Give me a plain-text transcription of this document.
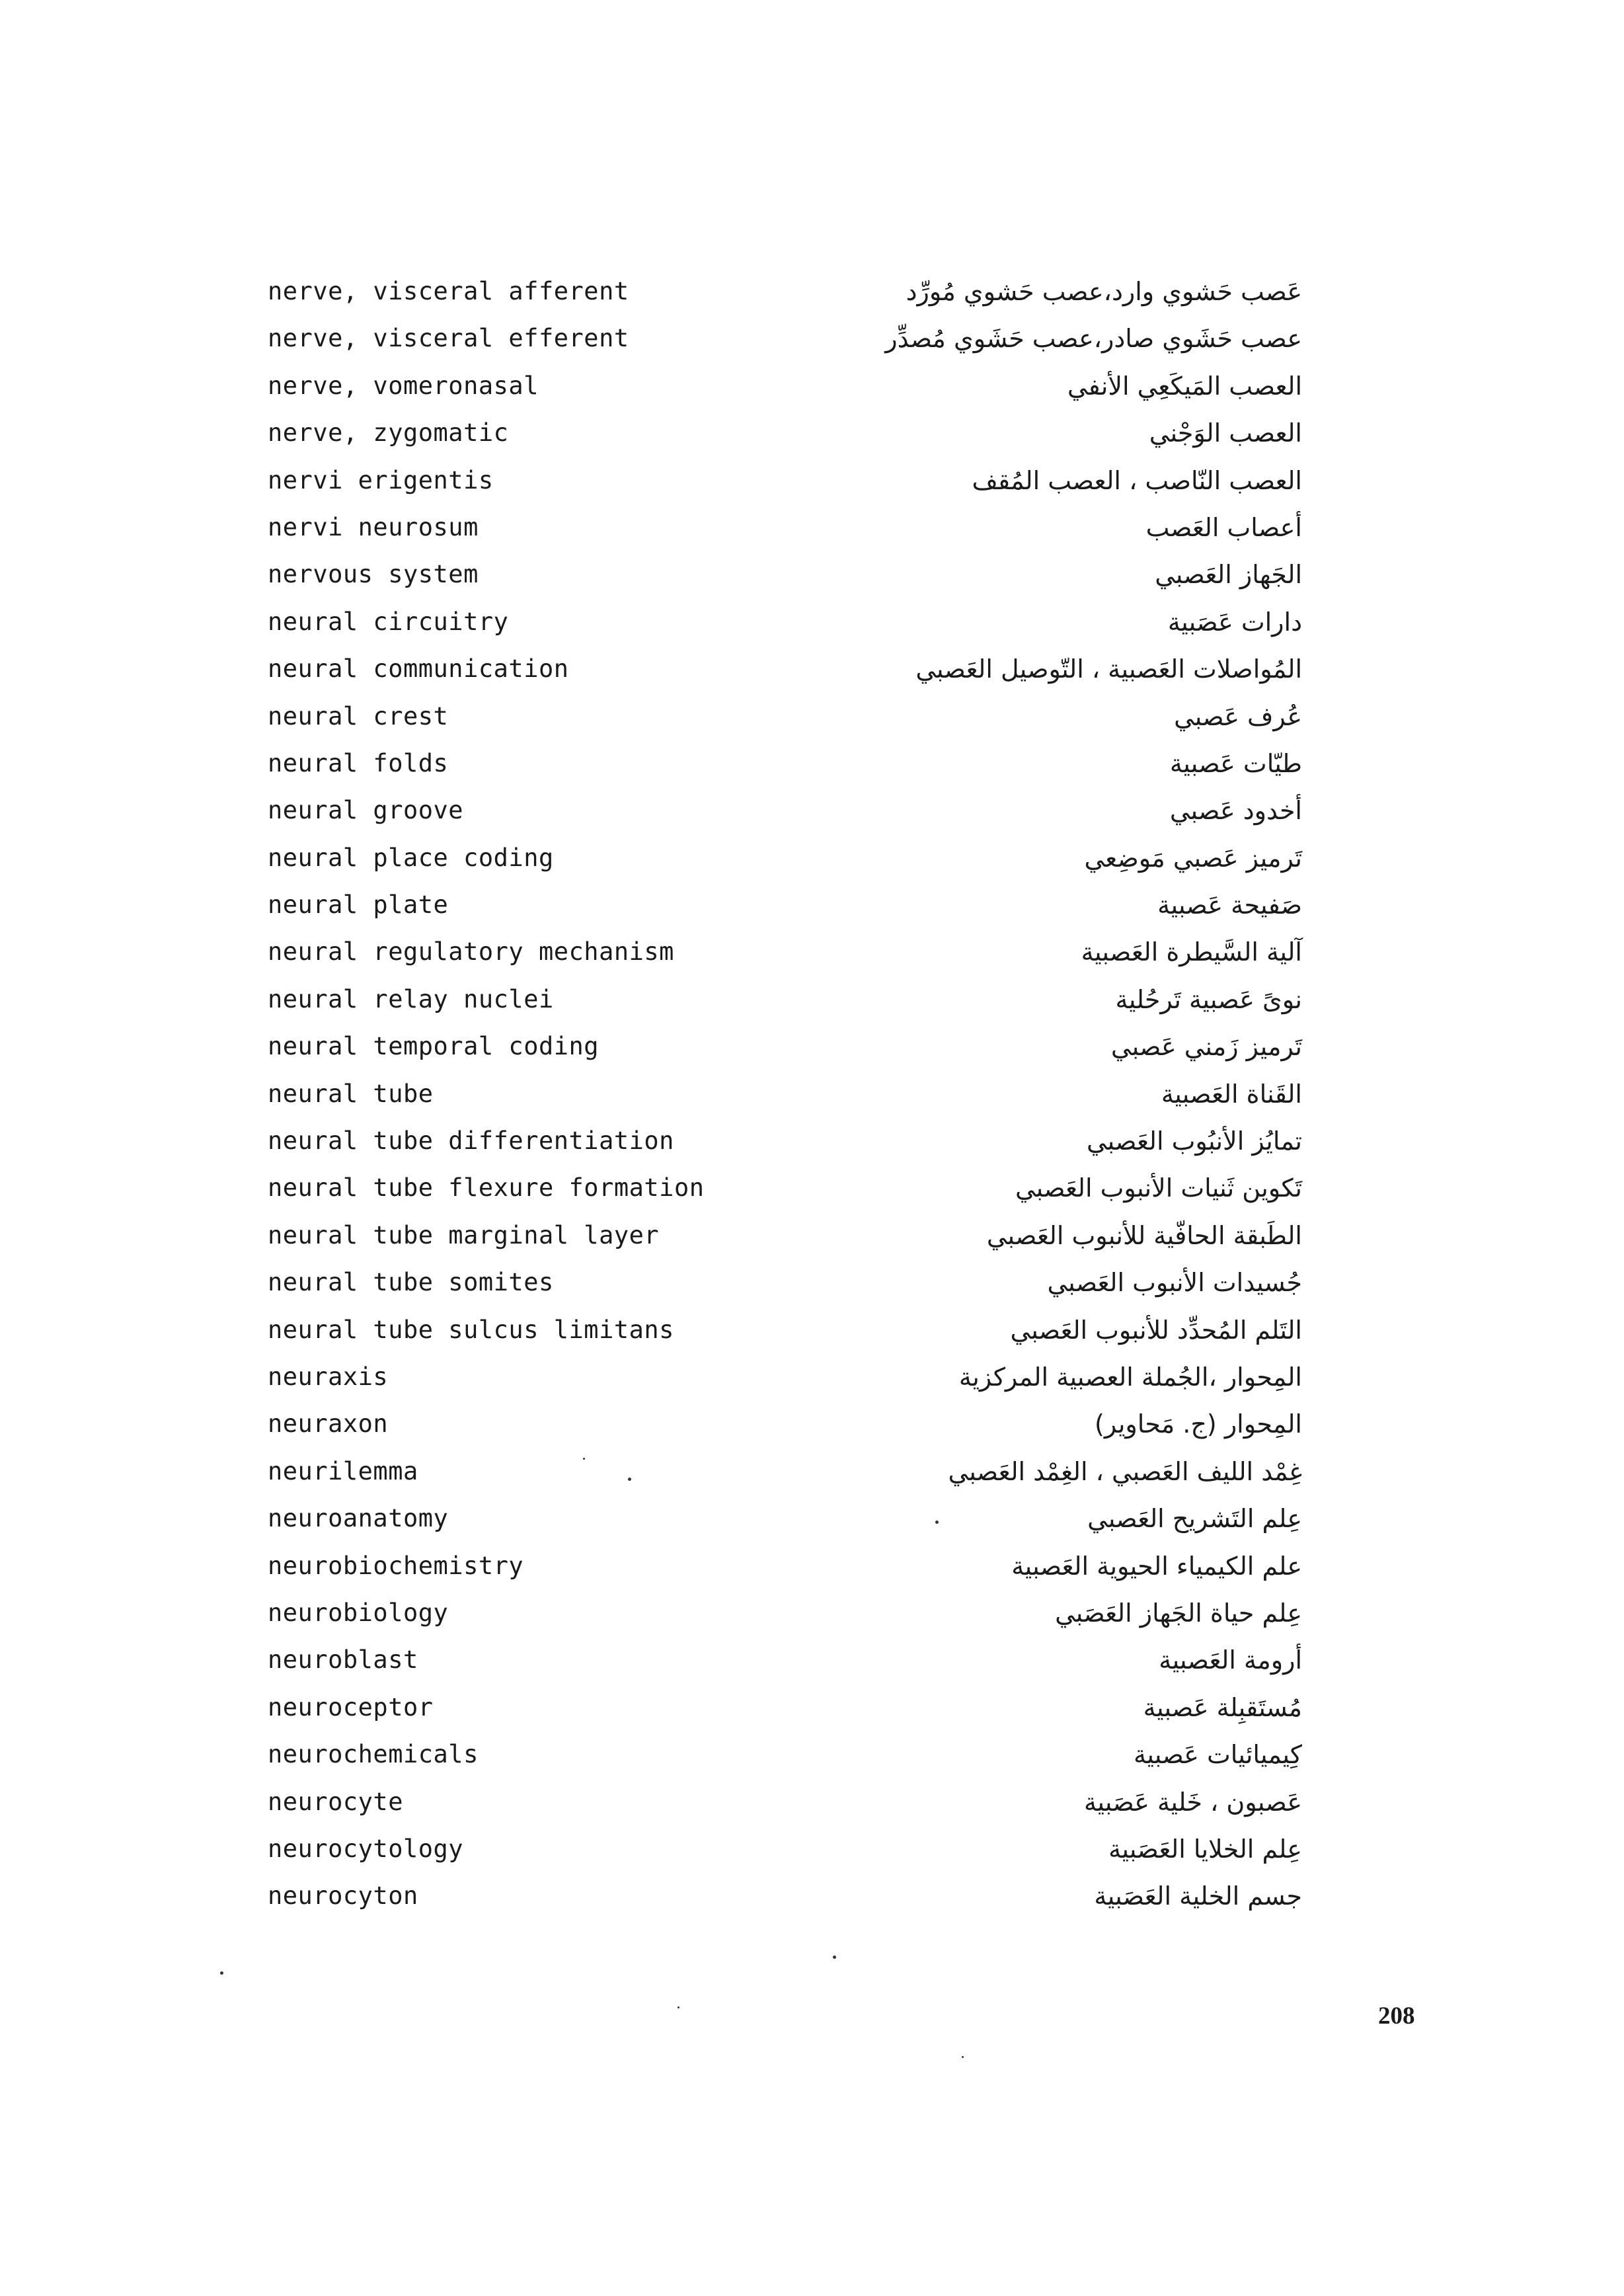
nerve, visceral afferent	عَصب حَشوي وارد،عصب حَشوي مُورِّد
nerve, visceral efferent	عصب حَشَوي صادر،عصب حَشَوي مُصدِّر
nerve, vomeronasal	العصب المَيكَعِي الأنفي
nerve, zygomatic	العصب الوَجْني
nervi erigentis	العصب النّاصب ، العصب المُقف
nervi neurosum	أعصاب العَصب
nervous system	الجَهاز العَصبي
neural circuitry	دارات عَصَبية
neural communication	المُواصلات العَصبية ، التّوصيل العَصبي
neural crest	عُرف عَصبي
neural folds	طيّات عَصبية
neural groove	أخدود عَصبي
neural place coding	تَرميز عَصبي مَوضِعي
neural plate	صَفيحة عَصبية
neural regulatory mechanism	آلية السَّيطرة العَصبية
neural relay nuclei	نوىً عَصبية تَرحُلية
neural temporal coding	تَرميز زَمني عَصبي
neural tube	القَناة العَصبية
neural tube differentiation	تمايُز الأنبُوب العَصبي
neural tube flexure formation	تَكوين ثَنيات الأنبوب العَصبي
neural tube marginal layer	الطَبقة الحافّية للأنبوب العَصبي
neural tube somites	جُسيدات الأنبوب العَصبي
neural tube sulcus limitans	التَلم المُحدِّد للأنبوب العَصبي
neuraxis	المِحوار ،الجُملة العصبية المركزية
neuraxon	المِحوار (ج. مَحاوير)
neurilemma	غِمْد الليف العَصبي ، الغِمْد العَصبي
neuroanatomy	عِلم التَشريح العَصبي
neurobiochemistry	علم الكيمياء الحيوية العَصبية
neurobiology	عِلم حياة الجَهاز العَصَبي
neuroblast	أرومة العَصبية
neuroceptor	مُستَقبِلة عَصبية
neurochemicals	كِيميائيات عَصبية
neurocyte	عَصبون ، خَلية عَصَبية
neurocytology	عِلم الخلايا العَصَبية
neurocyton	جسم الخلية العَصَبية
208
